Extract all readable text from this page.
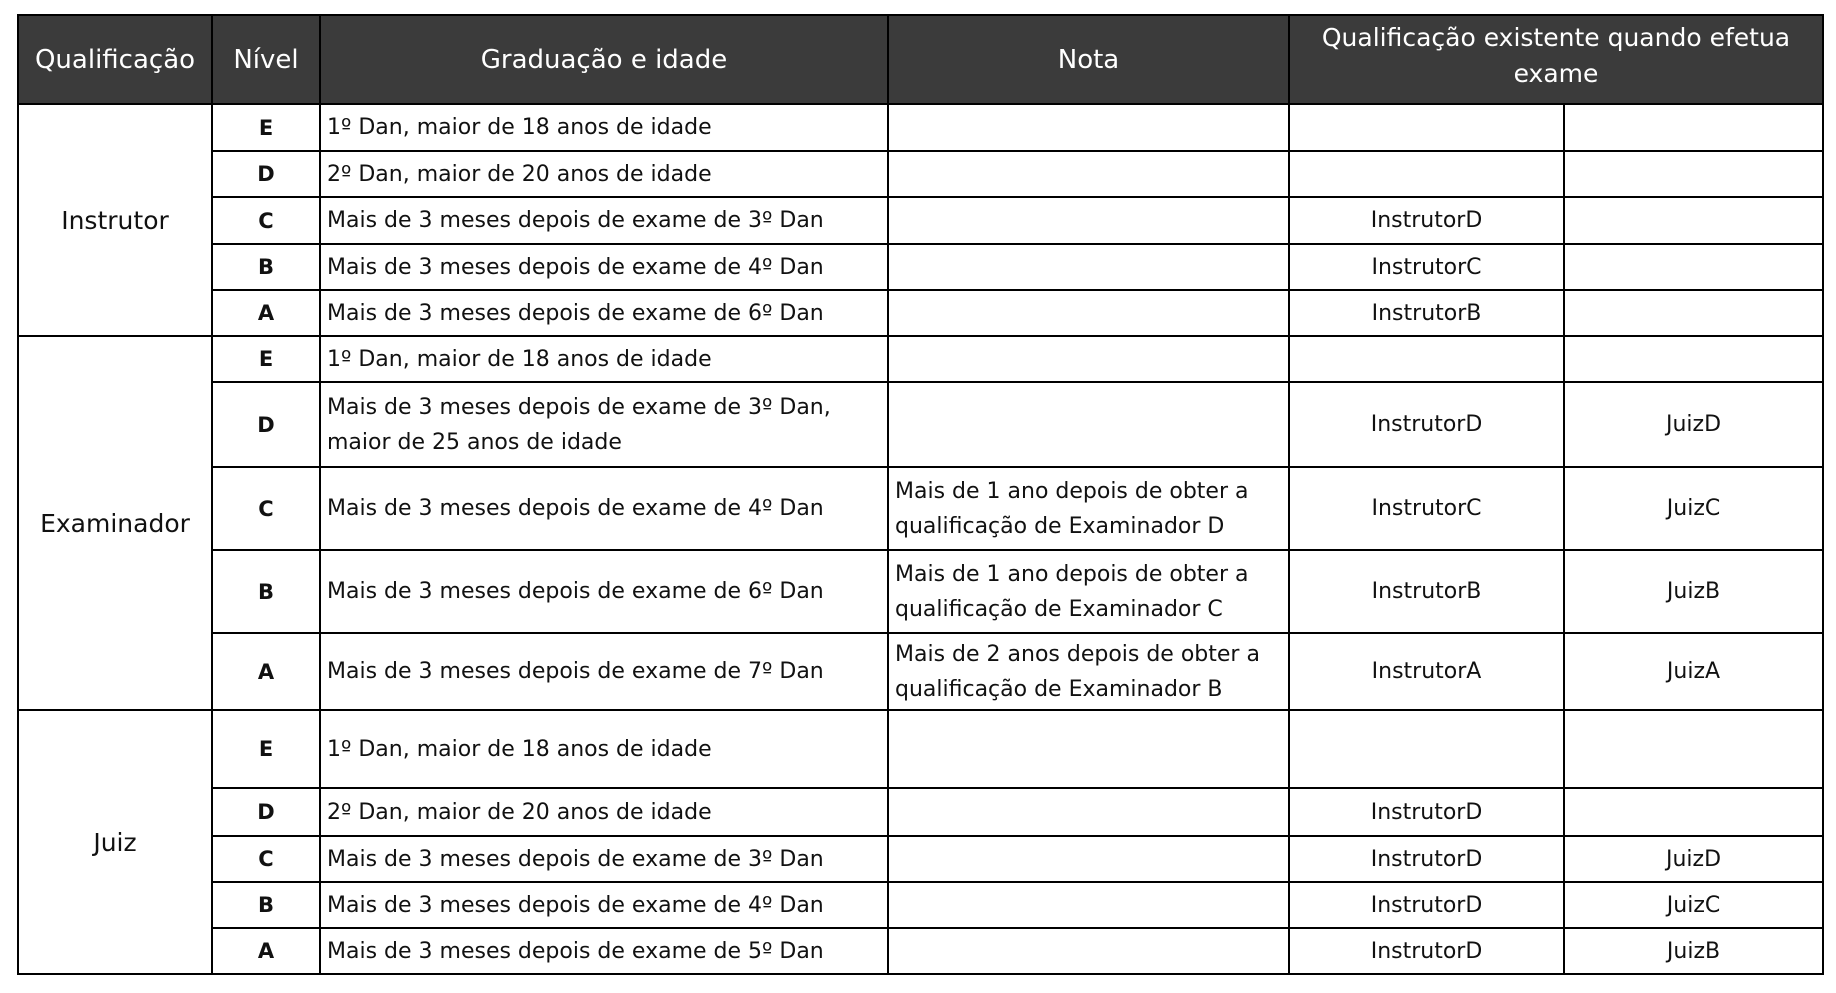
Qualificação	Nível	Graduação e idade	Nota	Qualificação existente quando efetua exame	
Instrutor	E	1º Dan, maior de 18 anos de idade			
	D	2º Dan, maior de 20 anos de idade			
	C	Mais de 3 meses depois de exame de 3º Dan		InstrutorD	
	B	Mais de 3 meses depois de exame de 4º Dan		InstrutorC	
	A	Mais de 3 meses depois de exame de 6º Dan		InstrutorB	
Examinador	E	1º Dan, maior de 18 anos de idade			
	D	Mais de 3 meses depois de exame de 3º Dan, maior de 25 anos de idade		InstrutorD	JuizD
	C	Mais de 3 meses depois de exame de 4º Dan	Mais de 1 ano depois de obter a qualificação de Examinador D	InstrutorC	JuizC
	B	Mais de 3 meses depois de exame de 6º Dan	Mais de 1 ano depois de obter a qualificação de Examinador C	InstrutorB	JuizB
	A	Mais de 3 meses depois de exame de 7º Dan	Mais de 2 anos depois de obter a qualificação de Examinador B	InstrutorA	JuizA
Juiz	E	1º Dan, maior de 18 anos de idade			
	D	2º Dan, maior de 20 anos de idade		InstrutorD	
	C	Mais de 3 meses depois de exame de 3º Dan		InstrutorD	JuizD
	B	Mais de 3 meses depois de exame de 4º Dan		InstrutorD	JuizC
	A	Mais de 3 meses depois de exame de 5º Dan		InstrutorD	JuizB
